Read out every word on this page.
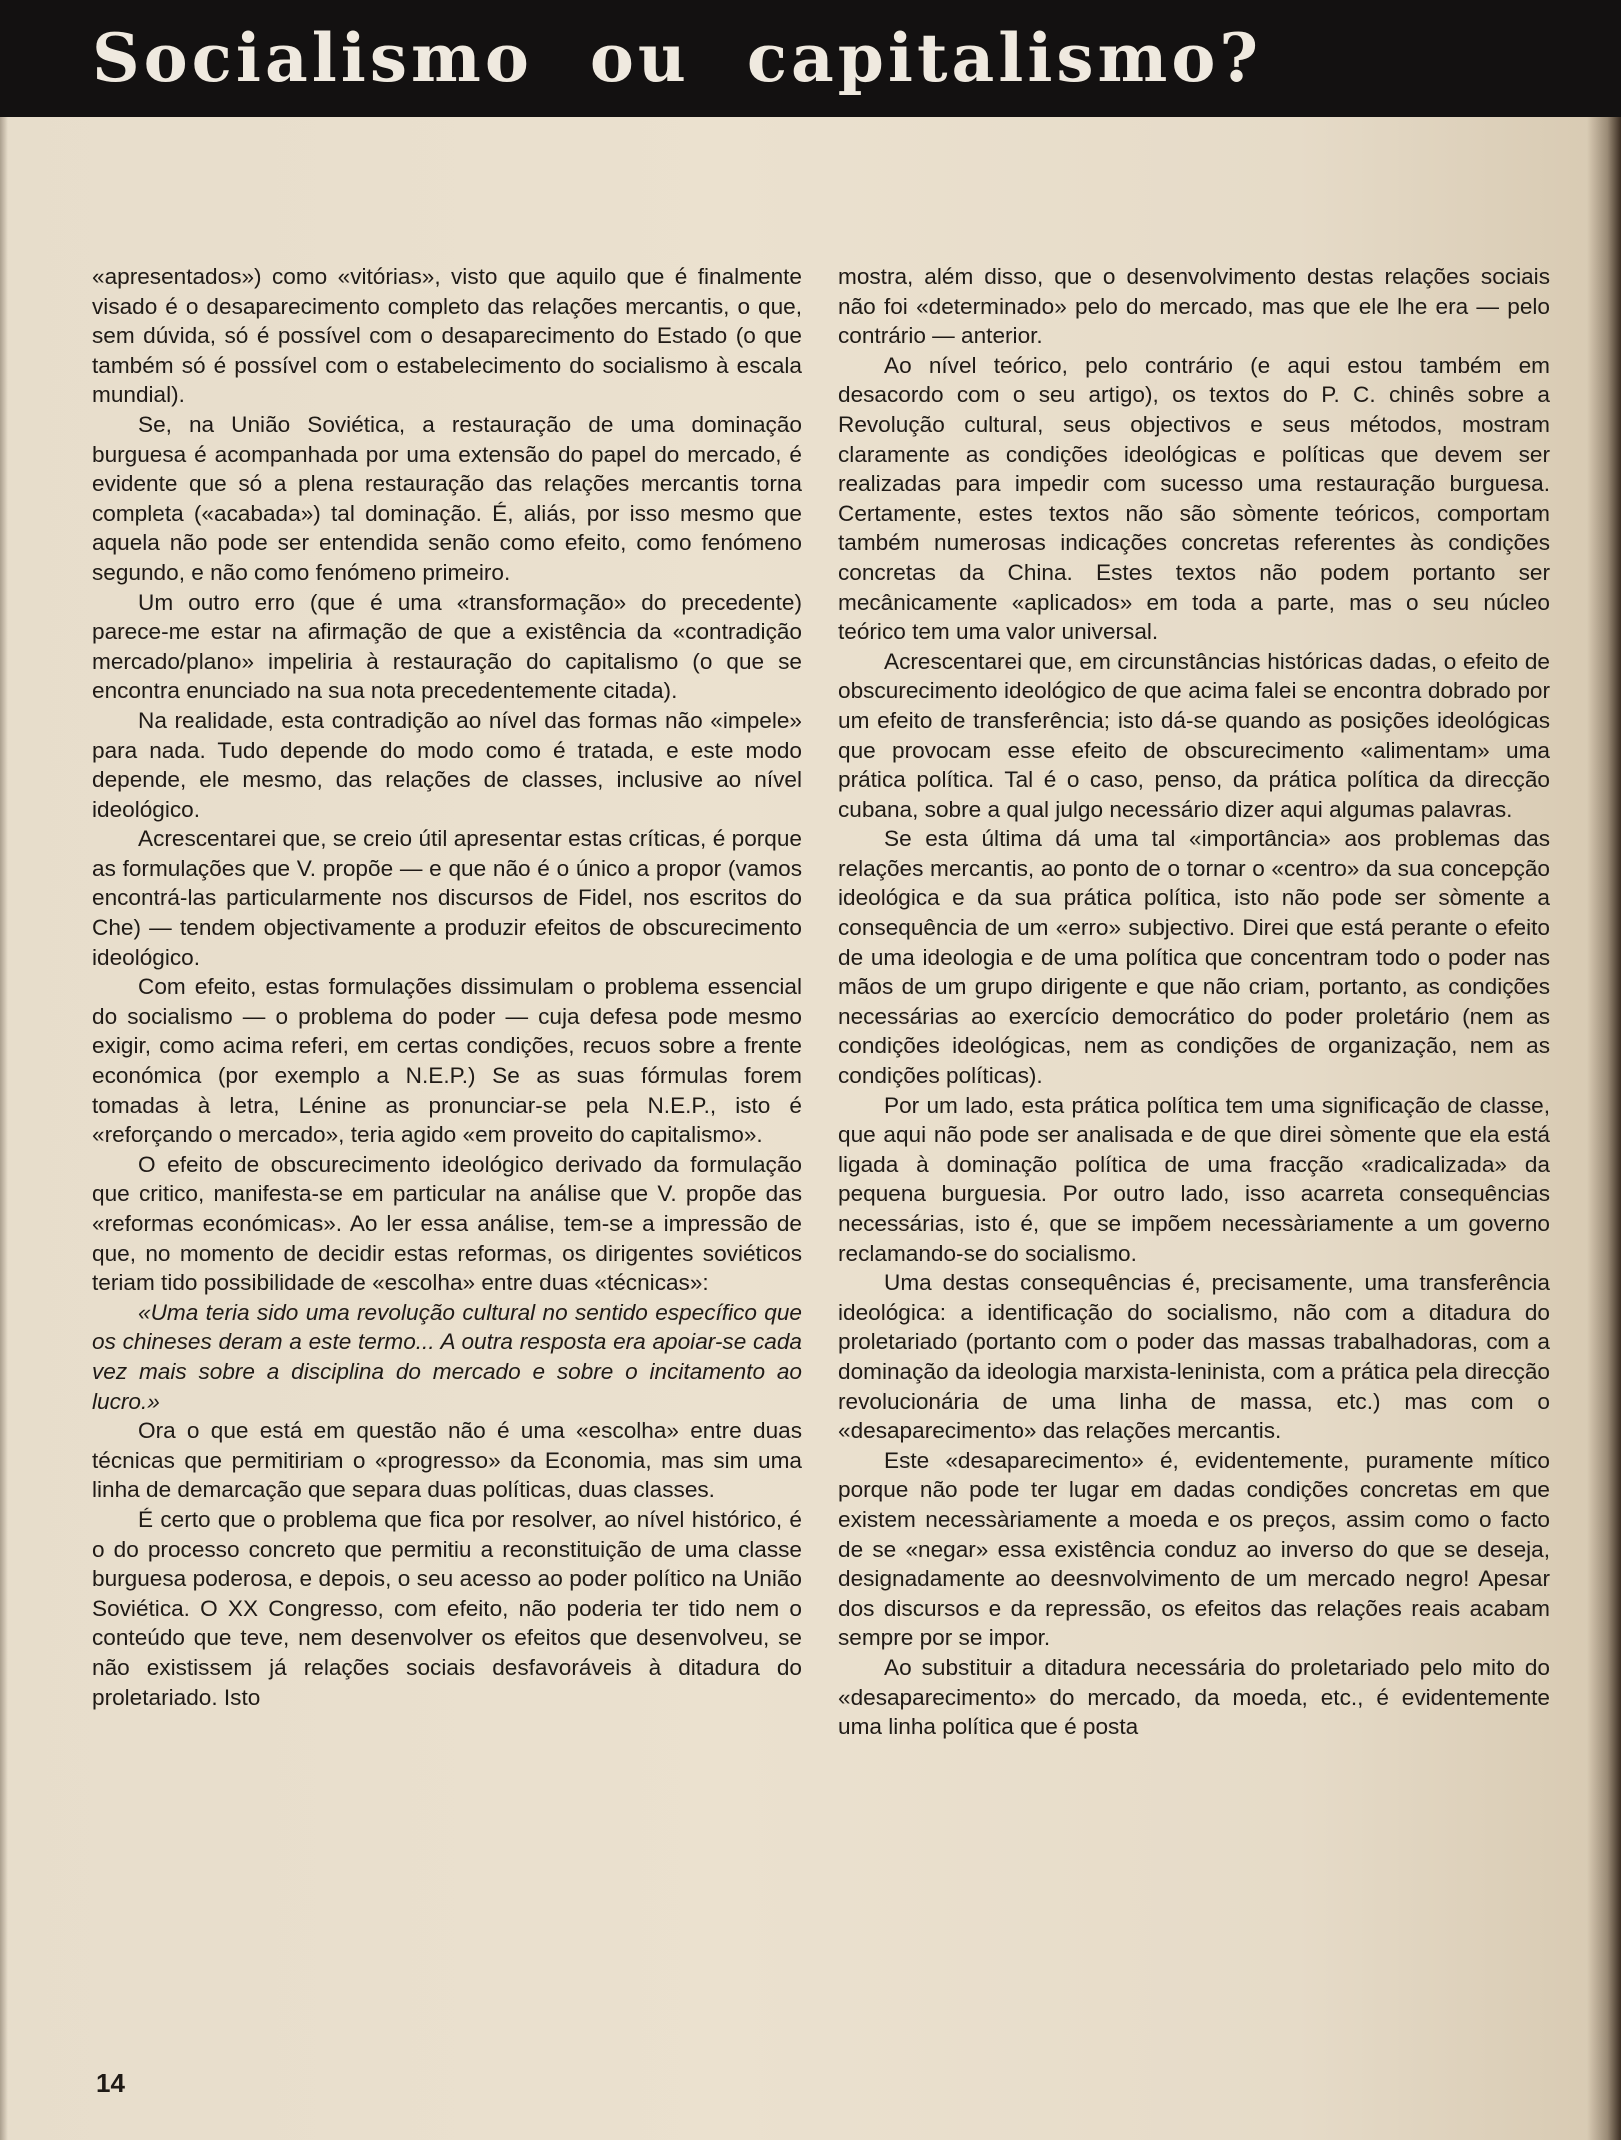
Socialismo ou capitalismo?

«apresentados») como «vitórias», visto que aquilo que é finalmente visado é o desaparecimento completo das relações mercantis, o que, sem dúvida, só é possível com o desaparecimento do Estado (o que também só é possível com o estabelecimento do socialismo à escala mundial).

Se, na União Soviética, a restauração de uma dominação burguesa é acompanhada por uma extensão do papel do mercado, é evidente que só a plena restauração das relações mercantis torna completa («acabada») tal dominação. É, aliás, por isso mesmo que aquela não pode ser entendida senão como efeito, como fenómeno segundo, e não como fenómeno primeiro.

Um outro erro (que é uma «transformação» do precedente) parece-me estar na afirmação de que a existência da «contradição mercado/plano» impeliria à restauração do capitalismo (o que se encontra enunciado na sua nota precedentemente citada).

Na realidade, esta contradição ao nível das formas não «impele» para nada. Tudo depende do modo como é tratada, e este modo depende, ele mesmo, das relações de classes, inclusive ao nível ideológico.

Acrescentarei que, se creio útil apresentar estas críticas, é porque as formulações que V. propõe — e que não é o único a propor (vamos encontrá-las particularmente nos discursos de Fidel, nos escritos do Che) — tendem objectivamente a produzir efeitos de obscurecimento ideológico.

Com efeito, estas formulações dissimulam o problema essencial do socialismo — o problema do poder — cuja defesa pode mesmo exigir, como acima referi, em certas condições, recuos sobre a frente económica (por exemplo a N.E.P.) Se as suas fórmulas forem tomadas à letra, Lénine as pronunciar-se pela N.E.P., isto é «reforçando o mercado», teria agido «em proveito do capitalismo».

O efeito de obscurecimento ideológico derivado da formulação que critico, manifesta-se em particular na análise que V. propõe das «reformas económicas». Ao ler essa análise, tem-se a impressão de que, no momento de decidir estas reformas, os dirigentes soviéticos teriam tido possibilidade de «escolha» entre duas «técnicas»:

«Uma teria sido uma revolução cultural no sentido específico que os chineses deram a este termo... A outra resposta era apoiar-se cada vez mais sobre a disciplina do mercado e sobre o incitamento ao lucro.»

Ora o que está em questão não é uma «escolha» entre duas técnicas que permitiriam o «progresso» da Economia, mas sim uma linha de demarcação que separa duas políticas, duas classes.

É certo que o problema que fica por resolver, ao nível histórico, é o do processo concreto que permitiu a reconstituição de uma classe burguesa poderosa, e depois, o seu acesso ao poder político na União Soviética. O XX Congresso, com efeito, não poderia ter tido nem o conteúdo que teve, nem desenvolver os efeitos que desenvolveu, se não existissem já relações sociais desfavoráveis à ditadura do proletariado. Isto

mostra, além disso, que o desenvolvimento destas relações sociais não foi «determinado» pelo do mercado, mas que ele lhe era — pelo contrário — anterior.

Ao nível teórico, pelo contrário (e aqui estou também em desacordo com o seu artigo), os textos do P. C. chinês sobre a Revolução cultural, seus objectivos e seus métodos, mostram claramente as condições ideológicas e políticas que devem ser realizadas para impedir com sucesso uma restauração burguesa. Certamente, estes textos não são sòmente teóricos, comportam também numerosas indicações concretas referentes às condições concretas da China. Estes textos não podem portanto ser mecânicamente «aplicados» em toda a parte, mas o seu núcleo teórico tem uma valor universal.

Acrescentarei que, em circunstâncias históricas dadas, o efeito de obscurecimento ideológico de que acima falei se encontra dobrado por um efeito de transferência; isto dá-se quando as posições ideológicas que provocam esse efeito de obscurecimento «alimentam» uma prática política. Tal é o caso, penso, da prática política da direcção cubana, sobre a qual julgo necessário dizer aqui algumas palavras.

Se esta última dá uma tal «importância» aos problemas das relações mercantis, ao ponto de o tornar o «centro» da sua concepção ideológica e da sua prática política, isto não pode ser sòmente a consequência de um «erro» subjectivo. Direi que está perante o efeito de uma ideologia e de uma política que concentram todo o poder nas mãos de um grupo dirigente e que não criam, portanto, as condições necessárias ao exercício democrático do poder proletário (nem as condições ideológicas, nem as condições de organização, nem as condições políticas).

Por um lado, esta prática política tem uma significação de classe, que aqui não pode ser analisada e de que direi sòmente que ela está ligada à dominação política de uma fracção «radicalizada» da pequena burguesia. Por outro lado, isso acarreta consequências necessárias, isto é, que se impõem necessàriamente a um governo reclamando-se do socialismo.

Uma destas consequências é, precisamente, uma transferência ideológica: a identificação do socialismo, não com a ditadura do proletariado (portanto com o poder das massas trabalhadoras, com a dominação da ideologia marxista-leninista, com a prática pela direcção revolucionária de uma linha de massa, etc.) mas com o «desaparecimento» das relações mercantis.

Este «desaparecimento» é, evidentemente, puramente mítico porque não pode ter lugar em dadas condições concretas em que existem necessàriamente a moeda e os preços, assim como o facto de se «negar» essa existência conduz ao inverso do que se deseja, designadamente ao deesnvolvimento de um mercado negro! Apesar dos discursos e da repressão, os efeitos das relações reais acabam sempre por se impor.

Ao substituir a ditadura necessária do proletariado pelo mito do «desaparecimento» do mercado, da moeda, etc., é evidentemente uma linha política que é posta

14
